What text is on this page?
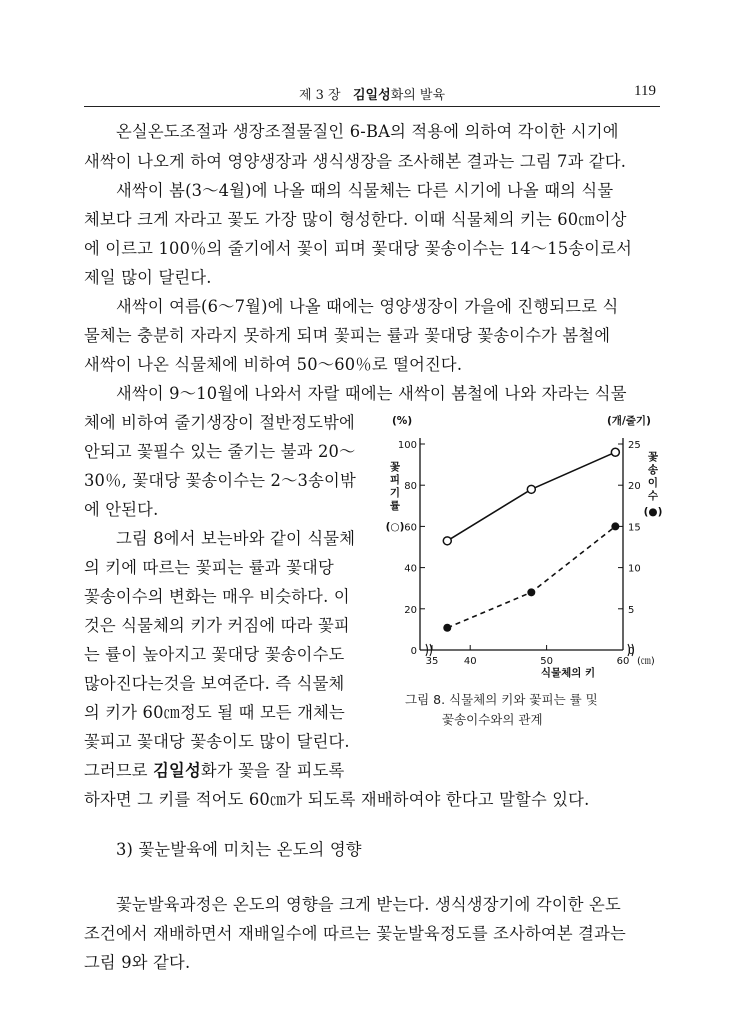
제 3 장 김일성화의 발육	119
온실온도조절과 생장조절물질인 6-BA의 적용에 의하여 각이한 시기에
새싹이 나오게 하여 영양생장과 생식생장을 조사해본 결과는 그림 7과 같다.
새싹이 봄(3～4월)에 나올 때의 식물체는 다른 시기에 나올 때의 식물
체보다 크게 자라고 꽃도 가장 많이 형성한다. 이때 식물체의 키는 60㎝이상
에 이르고 100％의 줄기에서 꽃이 피며 꽃대당 꽃송이수는 14～15송이로서
제일 많이 달린다.
새싹이 여름(6～7월)에 나올 때에는 영양생장이 가을에 진행되므로 식
물체는 충분히 자라지 못하게 되며 꽃피는 률과 꽃대당 꽃송이수가 봄철에
새싹이 나온 식물체에 비하여 50～60％로 떨어진다.
새싹이 9～10월에 나와서 자랄 때에는 새싹이 봄철에 나와 자라는 식물
체에 비하여 줄기생장이 절반정도밖에
안되고 꽃필수 있는 줄기는 불과 20～
30％, 꽃대당 꽃송이수는 2～3송이밖
에 안된다.
그림 8에서 보는바와 같이 식물체
의 키에 따르는 꽃피는 률과 꽃대당
꽃송이수의 변화는 매우 비슷하다. 이
것은 식물체의 키가 커짐에 따라 꽃피
는 률이 높아지고 꽃대당 꽃송이수도
많아진다는것을 보여준다. 즉 식물체
의 키가 60㎝정도 될 때 모든 개체는
꽃피고 꽃대당 꽃송이도 많이 달린다.
그러므로 김일성화가 꽃을 잘 피도록
하자면 그 키를 적어도 60㎝가 되도록 재배하여야 한다고 말할수 있다.
3) 꽃눈발육에 미치는 온도의 영향
꽃눈발육과정은 온도의 영향을 크게 받는다. 생식생장기에 각이한 온도
조건에서 재배하면서 재배일수에 따르는 꽃눈발육정도를 조사하여본 결과는
그림 9와 같다.
0
20
40
60
80
100
0
5
10
15
20
25
35	40	50	60
(%)	(개/줄기)
(㎝)
식물체의 키
꽃
피
기
률
(○)
꽃
송
이
수
(●)
그림 8. 식물체의 키와 꽃피는 률 및
꽃송이수와의 관계
